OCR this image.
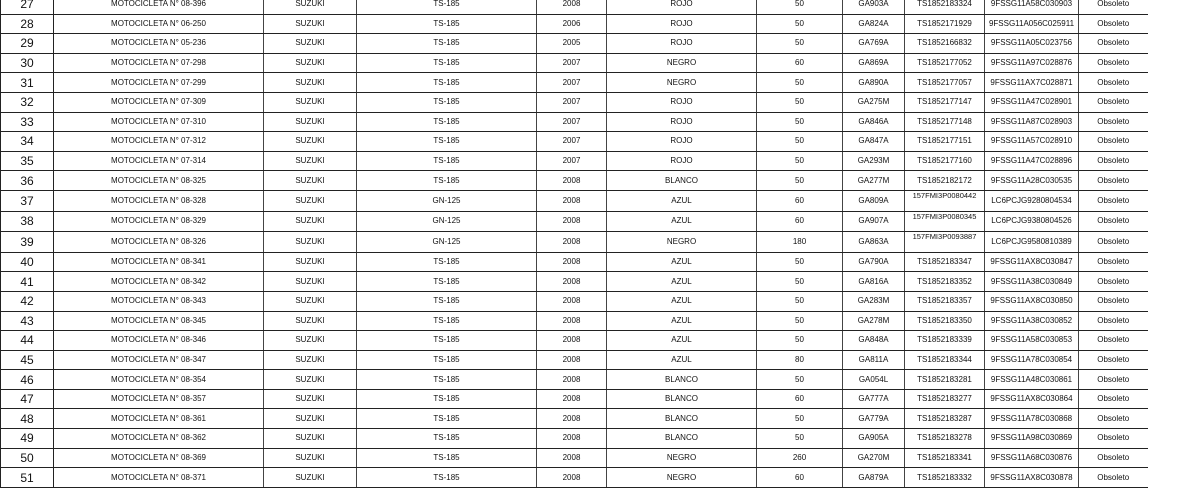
27	MOTOCICLETA N° 08-396	SUZUKI	TS-185	2008	ROJO	50	GA903A	TS1852183324	9FSSG11A58C030903	Obsoleto
28	MOTOCICLETA N° 06-250	SUZUKI	TS-185	2006	ROJO	50	GA824A	TS1852171929	9FSSG11A056C025911	Obsoleto
29	MOTOCICLETA N° 05-236	SUZUKI	TS-185	2005	ROJO	50	GA769A	TS1852166832	9FSSG11A05C023756	Obsoleto
30	MOTOCICLETA N° 07-298	SUZUKI	TS-185	2007	NEGRO	60	GA869A	TS1852177052	9FSSG11A97C028876	Obsoleto
31	MOTOCICLETA N° 07-299	SUZUKI	TS-185	2007	NEGRO	50	GA890A	TS1852177057	9FSSG11AX7C028871	Obsoleto
32	MOTOCICLETA N° 07-309	SUZUKI	TS-185	2007	ROJO	50	GA275M	TS1852177147	9FSSG11A47C028901	Obsoleto
33	MOTOCICLETA N° 07-310	SUZUKI	TS-185	2007	ROJO	50	GA846A	TS1852177148	9FSSG11A87C028903	Obsoleto
34	MOTOCICLETA N° 07-312	SUZUKI	TS-185	2007	ROJO	50	GA847A	TS1852177151	9FSSG11A57C028910	Obsoleto
35	MOTOCICLETA N° 07-314	SUZUKI	TS-185	2007	ROJO	50	GA293M	TS1852177160	9FSSG11A47C028896	Obsoleto
36	MOTOCICLETA N° 08-325	SUZUKI	TS-185	2008	BLANCO	50	GA277M	TS1852182172	9FSSG11A28C030535	Obsoleto
37	MOTOCICLETA N° 08-328	SUZUKI	GN-125	2008	AZUL	60	GA809A	157FMI3P0080442	LC6PCJG9280804534	Obsoleto
38	MOTOCICLETA N° 08-329	SUZUKI	GN-125	2008	AZUL	60	GA907A	157FMI3P0080345	LC6PCJG9380804526	Obsoleto
39	MOTOCICLETA N° 08-326	SUZUKI	GN-125	2008	NEGRO	180	GA863A	157FMI3P0093887	LC6PCJG9580810389	Obsoleto
40	MOTOCICLETA N° 08-341	SUZUKI	TS-185	2008	AZUL	50	GA790A	TS1852183347	9FSSG11AX8C030847	Obsoleto
41	MOTOCICLETA N° 08-342	SUZUKI	TS-185	2008	AZUL	50	GA816A	TS1852183352	9FSSG11A38C030849	Obsoleto
42	MOTOCICLETA N° 08-343	SUZUKI	TS-185	2008	AZUL	50	GA283M	TS1852183357	9FSSG11AX8C030850	Obsoleto
43	MOTOCICLETA N° 08-345	SUZUKI	TS-185	2008	AZUL	50	GA278M	TS1852183350	9FSSG11A38C030852	Obsoleto
44	MOTOCICLETA N° 08-346	SUZUKI	TS-185	2008	AZUL	50	GA848A	TS1852183339	9FSSG11A58C030853	Obsoleto
45	MOTOCICLETA N° 08-347	SUZUKI	TS-185	2008	AZUL	80	GA811A	TS1852183344	9FSSG11A78C030854	Obsoleto
46	MOTOCICLETA N° 08-354	SUZUKI	TS-185	2008	BLANCO	50	GA054L	TS1852183281	9FSSG11A48C030861	Obsoleto
47	MOTOCICLETA N° 08-357	SUZUKI	TS-185	2008	BLANCO	60	GA777A	TS1852183277	9FSSG11AX8C030864	Obsoleto
48	MOTOCICLETA N° 08-361	SUZUKI	TS-185	2008	BLANCO	50	GA779A	TS1852183287	9FSSG11A78C030868	Obsoleto
49	MOTOCICLETA N° 08-362	SUZUKI	TS-185	2008	BLANCO	50	GA905A	TS1852183278	9FSSG11A98C030869	Obsoleto
50	MOTOCICLETA N° 08-369	SUZUKI	TS-185	2008	NEGRO	260	GA270M	TS1852183341	9FSSG11A68C030876	Obsoleto
51	MOTOCICLETA N° 08-371	SUZUKI	TS-185	2008	NEGRO	60	GA879A	TS1852183332	9FSSG11AX8C030878	Obsoleto
